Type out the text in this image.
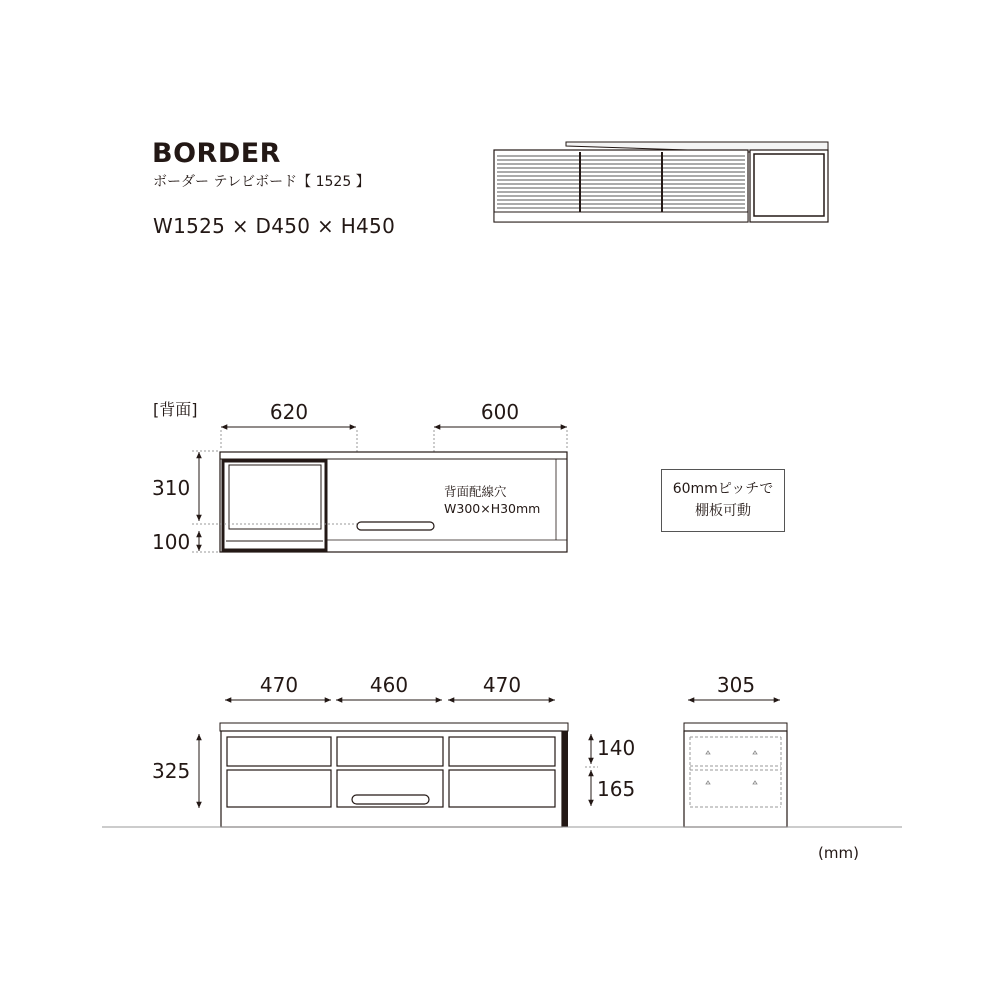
BORDER
ボーダー テレビボード【 1525 】
W1525 × D450 × H450
[背面]	620	600
310
100
背面配線穴
W300×H30mm
470	460	470
325
140
165
305
60mmピッチで
棚板可動
(mm)
